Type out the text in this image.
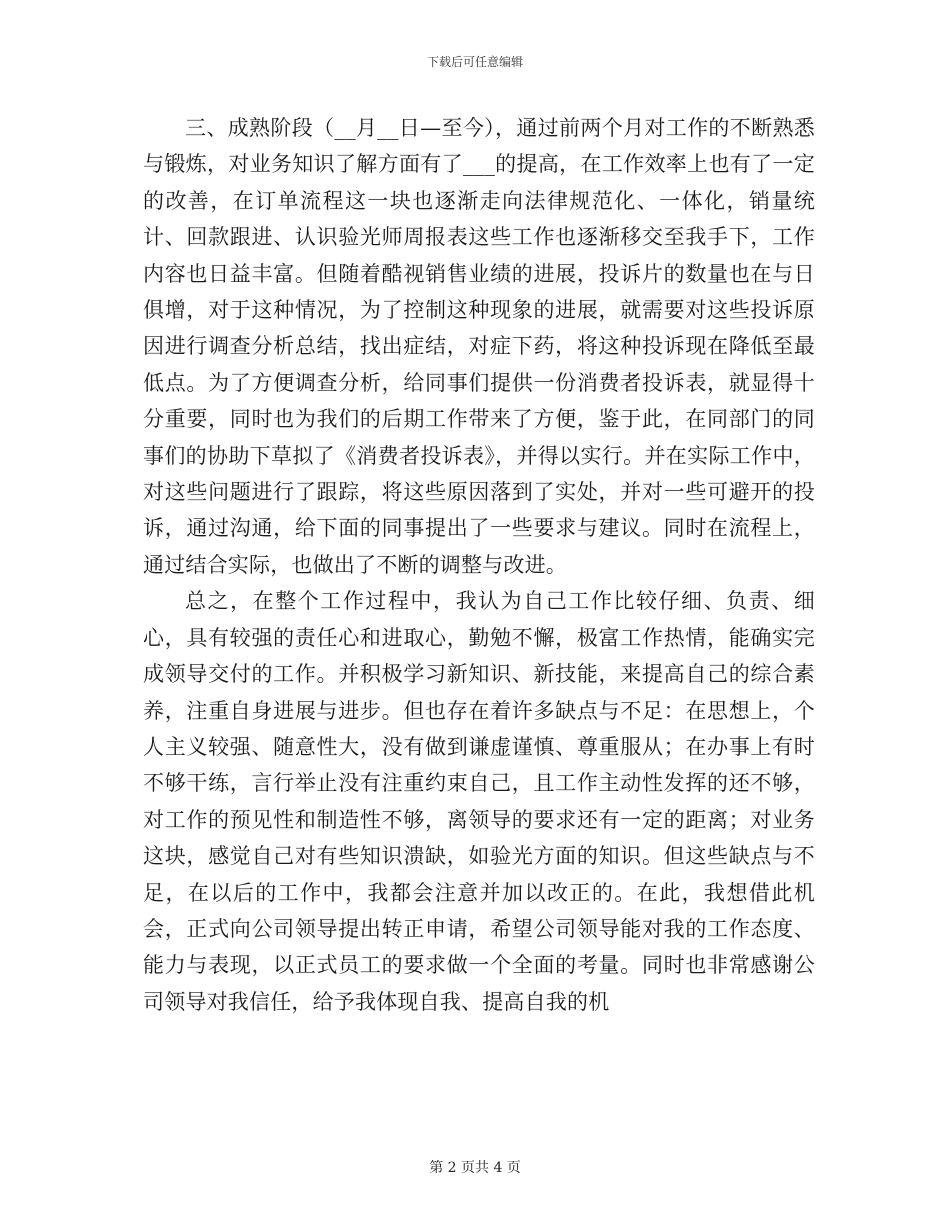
下载后可任意编辑

三、成熟阶段（__月__日—至今），通过前两个月对工作的不断熟悉与锻炼，对业务知识了解方面有了___的提高，在工作效率上也有了一定的改善，在订单流程这一块也逐渐走向法律规范化、一体化，销量统计、回款跟进、认识验光师周报表这些工作也逐渐移交至我手下，工作内容也日益丰富。但随着酷视销售业绩的进展，投诉片的数量也在与日俱增，对于这种情况，为了控制这种现象的进展，就需要对这些投诉原因进行调查分析总结，找出症结，对症下药，将这种投诉现在降低至最低点。为了方便调查分析，给同事们提供一份消费者投诉表，就显得十分重要，同时也为我们的后期工作带来了方便，鉴于此，在同部门的同事们的协助下草拟了《消费者投诉表》，并得以实行。并在实际工作中，对这些问题进行了跟踪，将这些原因落到了实处，并对一些可避开的投诉，通过沟通，给下面的同事提出了一些要求与建议。同时在流程上，通过结合实际，也做出了不断的调整与改进。

总之，在整个工作过程中，我认为自己工作比较仔细、负责、细心，具有较强的责任心和进取心，勤勉不懈，极富工作热情，能确实完成领导交付的工作。并积极学习新知识、新技能，来提高自己的综合素养，注重自身进展与进步。但也存在着许多缺点与不足：在思想上，个人主义较强、随意性大，没有做到谦虚谨慎、尊重服从；在办事上有时不够干练，言行举止没有注重约束自己，且工作主动性发挥的还不够，对工作的预见性和制造性不够，离领导的要求还有一定的距离；对业务这块，感觉自己对有些知识溃缺，如验光方面的知识。但这些缺点与不足，在以后的工作中，我都会注意并加以改正的。在此，我想借此机会，正式向公司领导提出转正申请，希望公司领导能对我的工作态度、能力与表现，以正式员工的要求做一个全面的考量。同时也非常感谢公司领导对我信任，给予我体现自我、提高自我的机

第 2 页共 4 页
